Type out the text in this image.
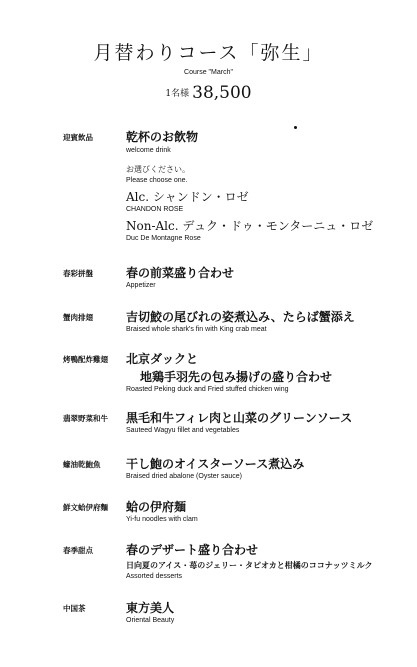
月替わりコース「弥生」
Course "March"
1名様 38,500
迎賓飲品	乾杯のお飲物
welcome drink
お選びください。
Please choose one.
Alc. シャンドン・ロゼ
CHANDON ROSE
Non-Alc. デュク・ドゥ・モンターニュ・ロゼ
Duc De Montagne Rose
春彩拼盤	春の前菜盛り合わせ
Appetizer
蟹肉排翅	吉切鮫の尾びれの姿煮込み、たらば蟹添え
Braised whole shark's fin with King crab meat
烤鴨配炸雞翅 北京ダックと
地鶏手羽先の包み揚げの盛り合わせ
Roasted Peking duck and Fried stuffed chicken wing
翡翠野菜和牛 黒毛和牛フィレ肉と山菜のグリーンソース
Sauteed Wagyu fillet and vegetables
蠔油乾鮑魚 干し鮑のオイスターソース煮込み
Braised dried abalone (Oyster sauce)
鮮文蛤伊府麵 蛤の伊府麺
Yi-fu noodles with clam
春季甜点	春のデザート盛り合わせ
日向夏のアイス・苺のジェリー・タピオカと柑橘のココナッツミルク
Assorted desserts
中国茶	東方美人
Oriental Beauty
